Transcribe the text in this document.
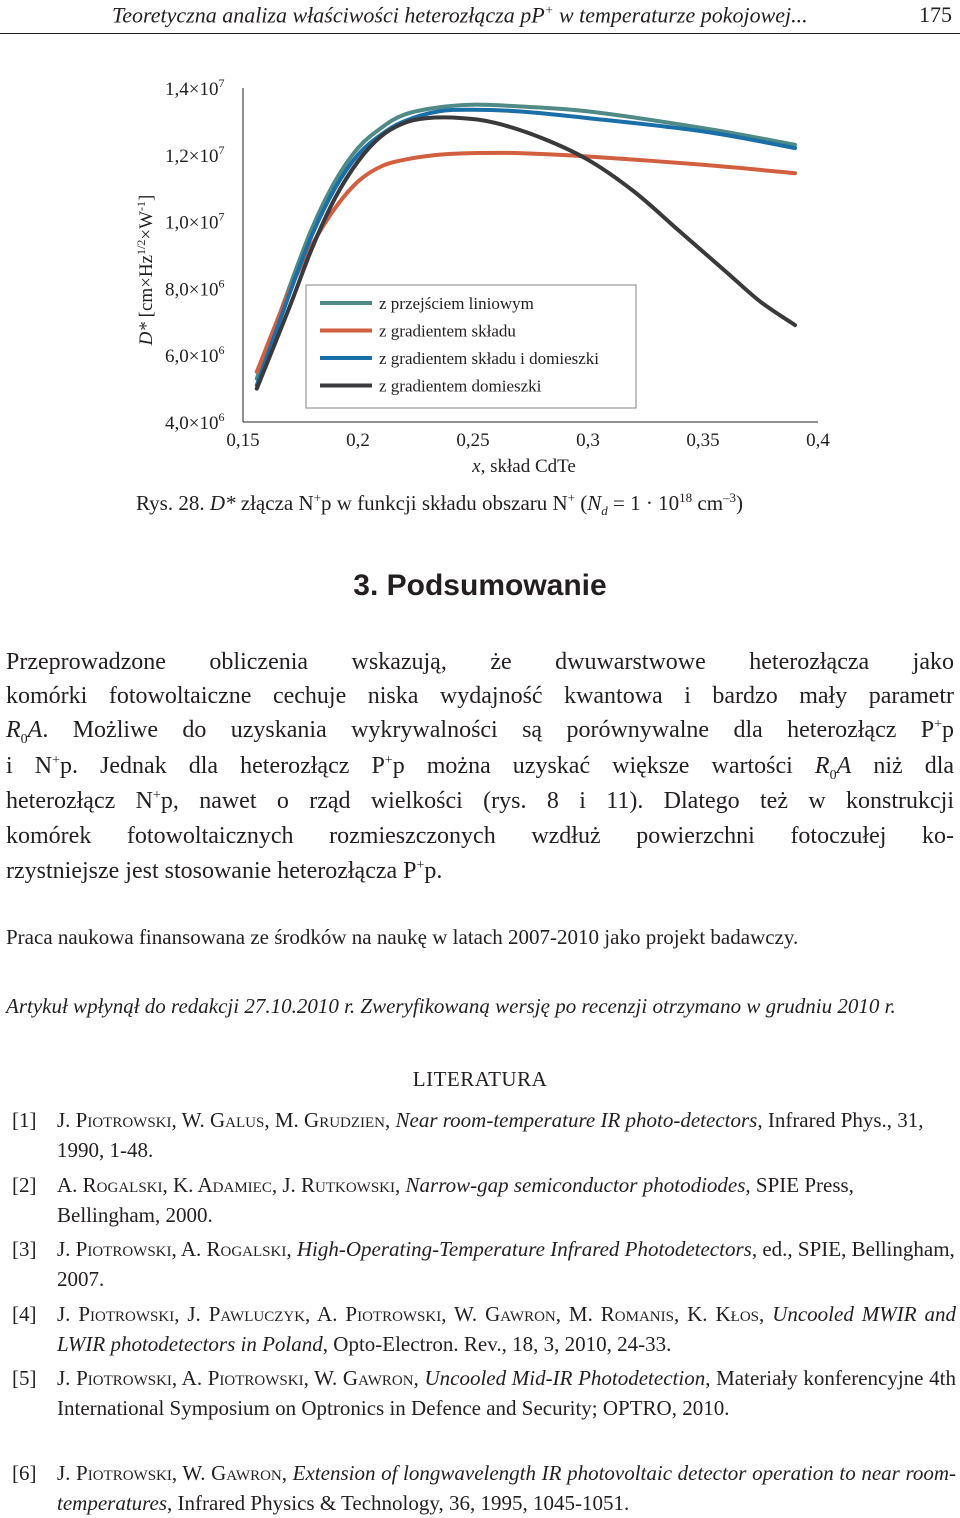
Teoretyczna analiza właściwości heterozłącza pP+ w temperaturze pokojowej...	175
D* $[cm\times Hz^{1/2}\times W^{-1}]$
$4,0\times 10^6$
$6,0\times 10^6$
$8,0\times 10^6$
$1,0\times 10^7$
$1,2\times 10^7$
$1,4\times 10^7$
0,15	0,2	0,25	0,3	0,35	0,4
x, skład CdTe
z przejściem liniowym
z gradientem składu
z gradientem składu i domieszki
z gradientem domieszki
Rys. 28. D* złącza N+p w funkcji składu obszaru N+ ($N_d = 1 \cdot 10^{18}$ $cm^{-3}$)
3. Podsumowanie
Przeprowadzone obliczenia wskazują, że dwuwarstwowe heterozłącza jako
komórki fotowoltaiczne cechuje niska wydajność kwantowa i bardzo mały parametr
$R_0A$. Możliwe do uzyskania wykrywalności są porównywalne dla heterozłącz P+p
i N+p. Jednak dla heterozłącz P+p można uzyskać większe wartości $R_0A$ niż dla
heterozłącz N+p, nawet o rząd wielkości (rys. 8 i 11). Dlatego też w konstrukcji
komórek fotowoltaicznych rozmieszczonych wzdłuż powierzchni fotoczułej ko-
rzystniejsze jest stosowanie heterozłącza P+p.
Praca naukowa finansowana ze środków na naukę w latach 2007-2010 jako projekt badawczy.
Artykuł wpłynął do redakcji 27.10.2010 r. Zweryfikowaną wersję po recenzji otrzymano w grudniu 2010 r.
LITERATURA
[1] J. Piotrowski, W. Galus, M. Grudzien, Near room-temperature IR photo-detectors, Infrared Phys., 31, 1990, 1-48.
[2] A. Rogalski, K. Adamiec, J. Rutkowski, Narrow-gap semiconductor photodiodes, SPIE Press, Bellingham, 2000.
[3] J. Piotrowski, A. Rogalski, High-Operating-Temperature Infrared Photodetectors, ed., SPIE, Bellingham, 2007.
[4] J. Piotrowski, J. Pawluczyk, A. Piotrowski, W. Gawron, M. Romanis, K. Kłos, Uncooled MWIR and LWIR photodetectors in Poland, Opto-Electron. Rev., 18, 3, 2010, 24-33.
[5] J. Piotrowski, A. Piotrowski, W. Gawron, Uncooled Mid-IR Photodetection, Materiały konferencyjne 4th International Symposium on Optronics in Defence and Security; OPTRO, 2010.
[6] J. Piotrowski, W. Gawron, Extension of longwavelength IR photovoltaic detector operation to near room-temperatures, Infrared Physics & Technology, 36, 1995, 1045-1051.
